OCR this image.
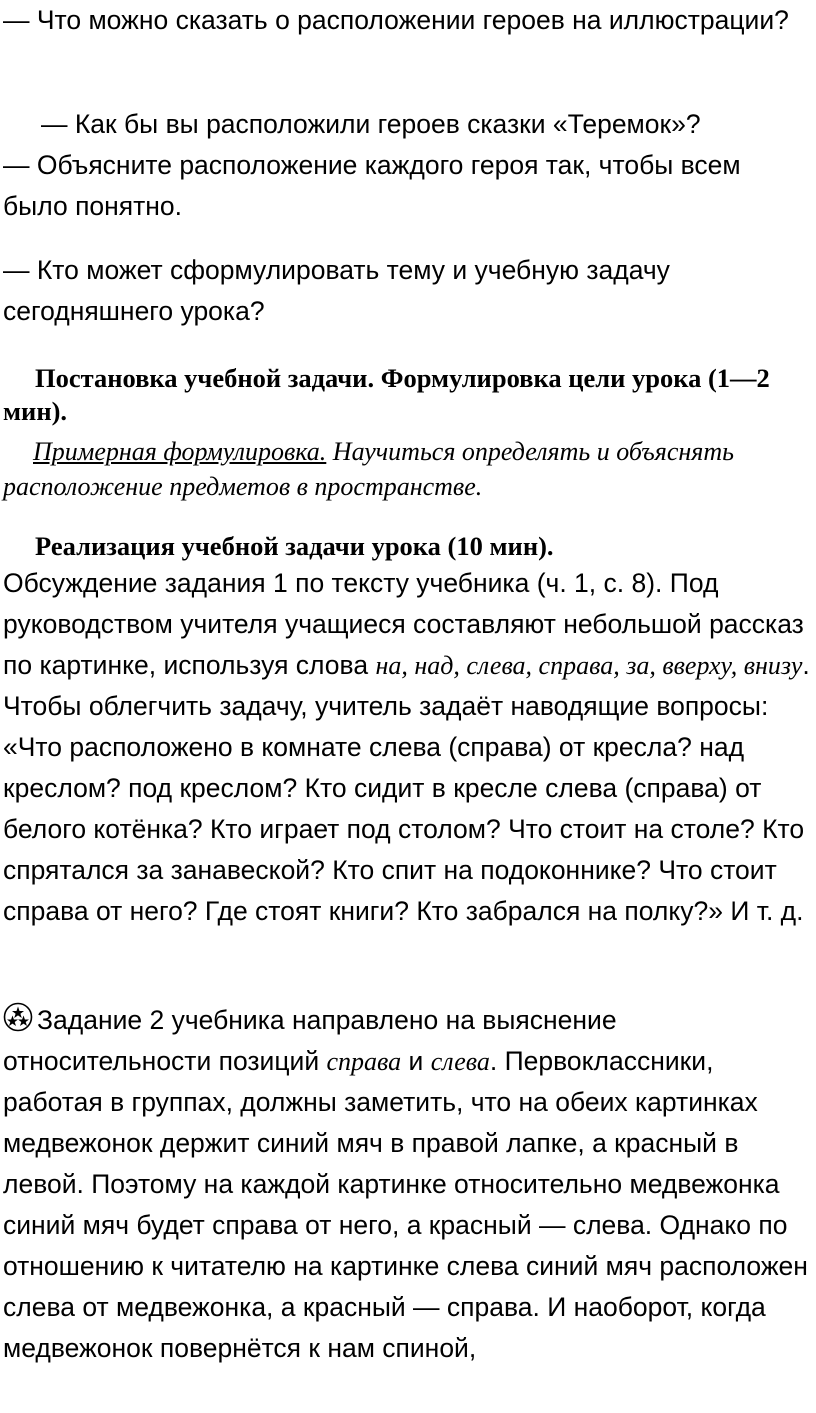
— Что можно сказать о расположении героев на иллюстрации?

— Как бы вы расположили героев сказки «Теремок»?

— Объясните расположение каждого героя так, чтобы всем было понятно.

— Кто может сформулировать тему и учебную задачу сегодняшнего урока?

Постановка учебной задачи. Формулировка цели урока (1—2 мин).

Примерная формулировка. Научиться определять и объяснять расположение предметов в пространстве.

Реализация учебной задачи урока (10 мин).

Обсуждение задания 1 по тексту учебника (ч. 1, с. 8). Под руководством учителя учащиеся составляют небольшой рассказ по картинке, используя слова на, над, слева, справа, за, вверху, внизу. Чтобы облегчить задачу, учитель задаёт наводящие вопросы: «Что расположено в комнате слева (справа) от кресла? над креслом? под креслом? Кто сидит в кресле слева (справа) от белого котёнка? Кто играет под столом? Что стоит на столе? Кто спрятался за занавеской? Кто спит на подоконнике? Что стоит справа от него? Где стоят книги? Кто забрался на полку?» И т. д.

Задание 2 учебника направлено на выяснение относительности позиций справа и слева. Первоклассники, работая в группах, должны заметить, что на обеих картинках медвежонок держит синий мяч в правой лапке, а красный в левой. Поэтому на каждой картинке относительно медвежонка синий мяч будет справа от него, а красный — слева. Однако по отношению к читателю на картинке слева синий мяч расположен слева от медвежонка, а красный — справа. И наоборот, когда медвежонок повернётся к нам спиной,
